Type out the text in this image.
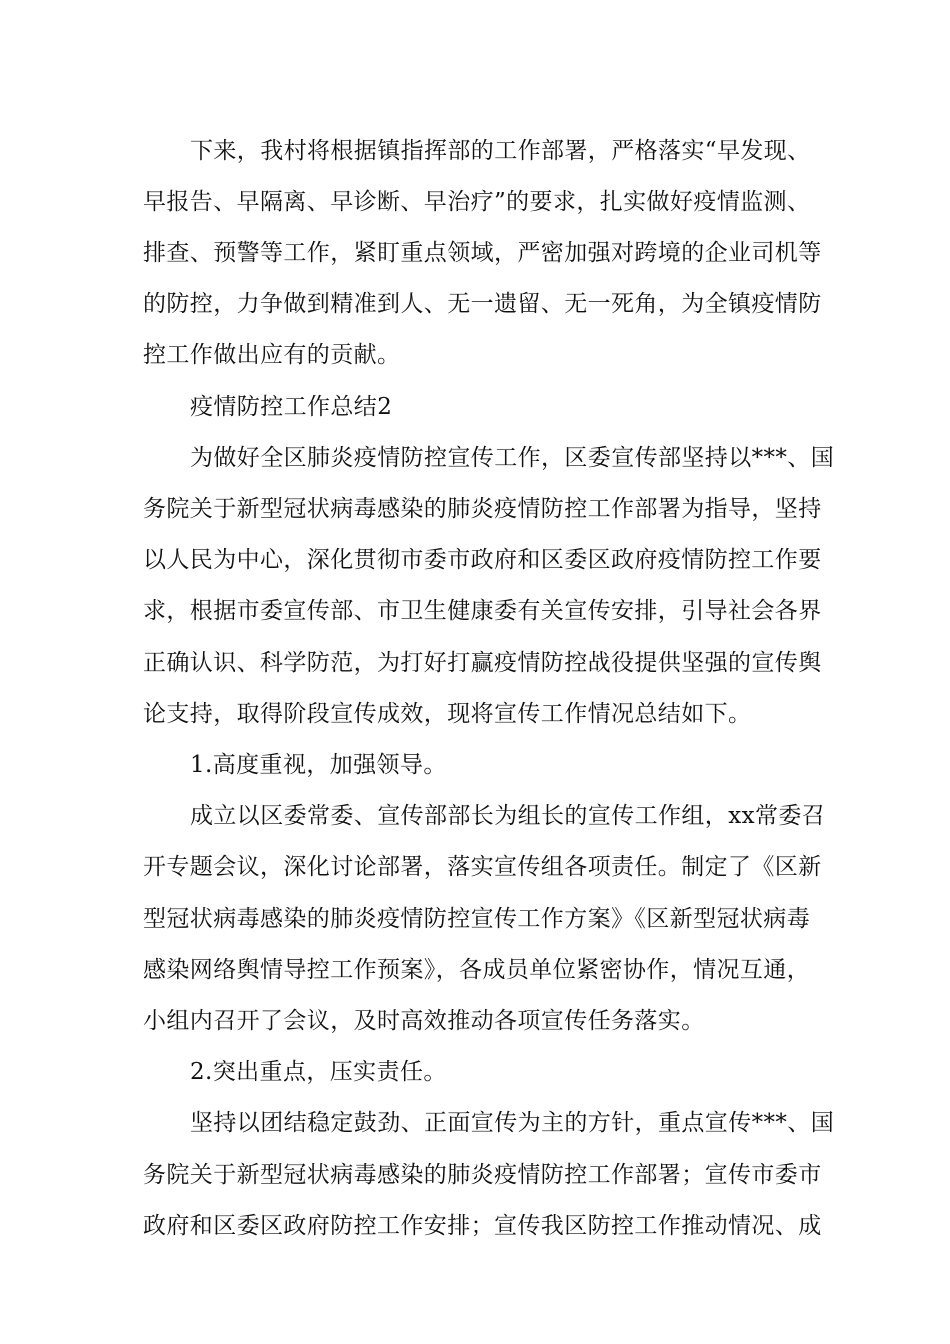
下来，我村将根据镇指挥部的工作部署，严格落实“早发现、
早报告、早隔离、早诊断、早治疗”的要求，扎实做好疫情监测、
排查、预警等工作，紧盯重点领域，严密加强对跨境的企业司机等
的防控，力争做到精准到人、无一遗留、无一死角，为全镇疫情防
控工作做出应有的贡献。
疫情防控工作总结2
为做好全区肺炎疫情防控宣传工作，区委宣传部坚持以***、国
务院关于新型冠状病毒感染的肺炎疫情防控工作部署为指导，坚持
以人民为中心，深化贯彻市委市政府和区委区政府疫情防控工作要
求，根据市委宣传部、市卫生健康委有关宣传安排，引导社会各界
正确认识、科学防范，为打好打赢疫情防控战役提供坚强的宣传舆
论支持，取得阶段宣传成效，现将宣传工作情况总结如下。
1.高度重视，加强领导。
成立以区委常委、宣传部部长为组长的宣传工作组，xx常委召
开专题会议，深化讨论部署，落实宣传组各项责任。制定了《区新
型冠状病毒感染的肺炎疫情防控宣传工作方案》《区新型冠状病毒
感染网络舆情导控工作预案》，各成员单位紧密协作，情况互通，
小组内召开了会议，及时高效推动各项宣传任务落实。
2.突出重点，压实责任。
坚持以团结稳定鼓劲、正面宣传为主的方针，重点宣传***、国
务院关于新型冠状病毒感染的肺炎疫情防控工作部署；宣传市委市
政府和区委区政府防控工作安排；宣传我区防控工作推动情况、成
